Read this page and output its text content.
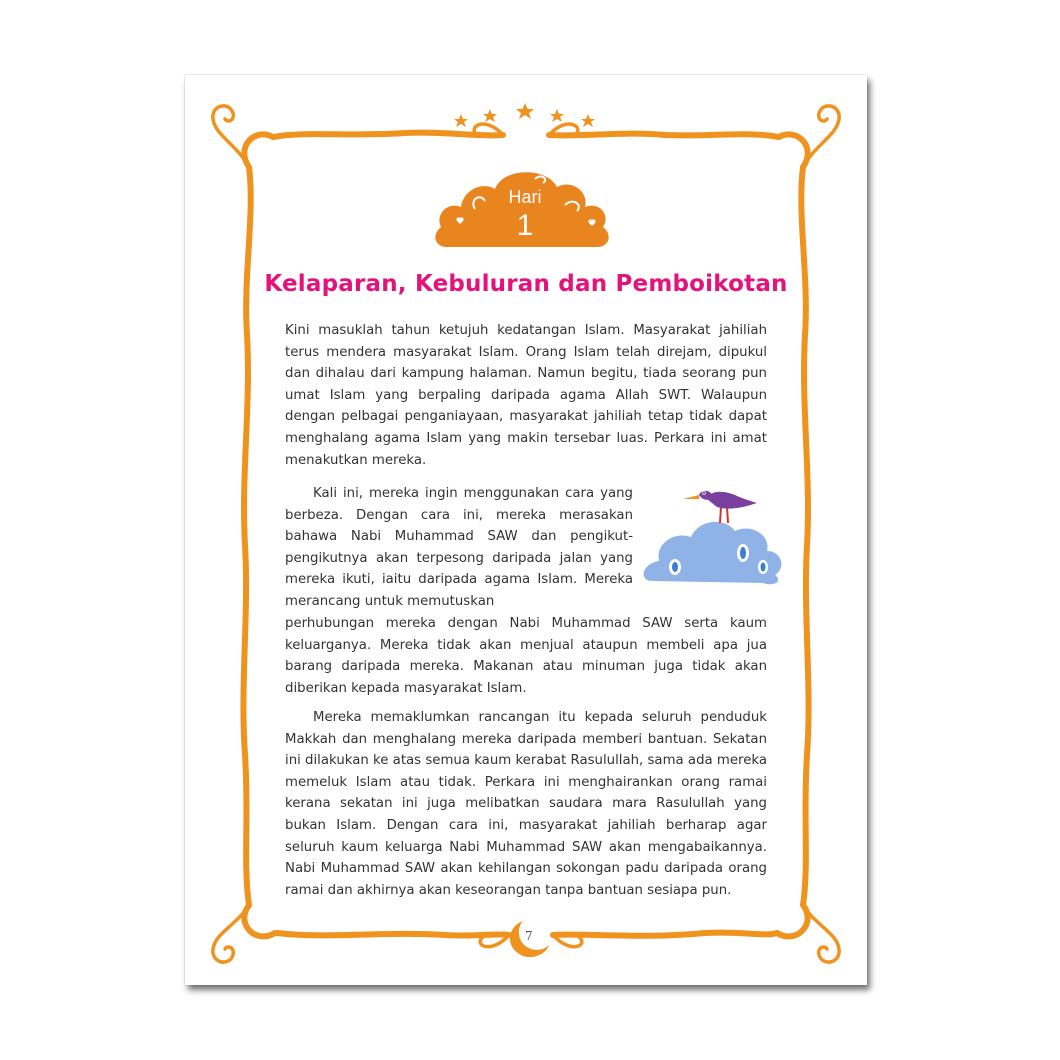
Hari
1
Kelaparan, Kebuluran dan Pemboikotan

Kini masuklah tahun ketujuh kedatangan Islam. Masyarakat jahiliah terus mendera masyarakat Islam. Orang Islam telah direjam, dipukul dan dihalau dari kampung halaman. Namun begitu, tiada seorang pun umat Islam yang berpaling daripada agama Allah SWT. Walaupun dengan pelbagai penganiayaan, masyarakat jahiliah tetap tidak dapat menghalang agama Islam yang makin tersebar luas. Perkara ini amat menakutkan mereka.

Kali ini, mereka ingin menggunakan cara yang berbeza. Dengan cara ini, mereka merasakan bahawa Nabi Muhammad SAW dan pengikut-pengikutnya akan terpesong daripada jalan yang mereka ikuti, iaitu daripada agama Islam. Mereka merancang untuk memutuskan

perhubungan mereka dengan Nabi Muhammad SAW serta kaum keluarganya. Mereka tidak akan menjual ataupun membeli apa jua barang daripada mereka. Makanan atau minuman juga tidak akan diberikan kepada masyarakat Islam.

Mereka memaklumkan rancangan itu kepada seluruh penduduk Makkah dan menghalang mereka daripada memberi bantuan. Sekatan ini dilakukan ke atas semua kaum kerabat Rasulullah, sama ada mereka memeluk Islam atau tidak. Perkara ini menghairankan orang ramai kerana sekatan ini juga melibatkan saudara mara Rasulullah yang bukan Islam. Dengan cara ini, masyarakat jahiliah berharap agar seluruh kaum keluarga Nabi Muhammad SAW akan mengabaikannya. Nabi Muhammad SAW akan kehilangan sokongan padu daripada orang ramai dan akhirnya akan keseorangan tanpa bantuan sesiapa pun.

7
